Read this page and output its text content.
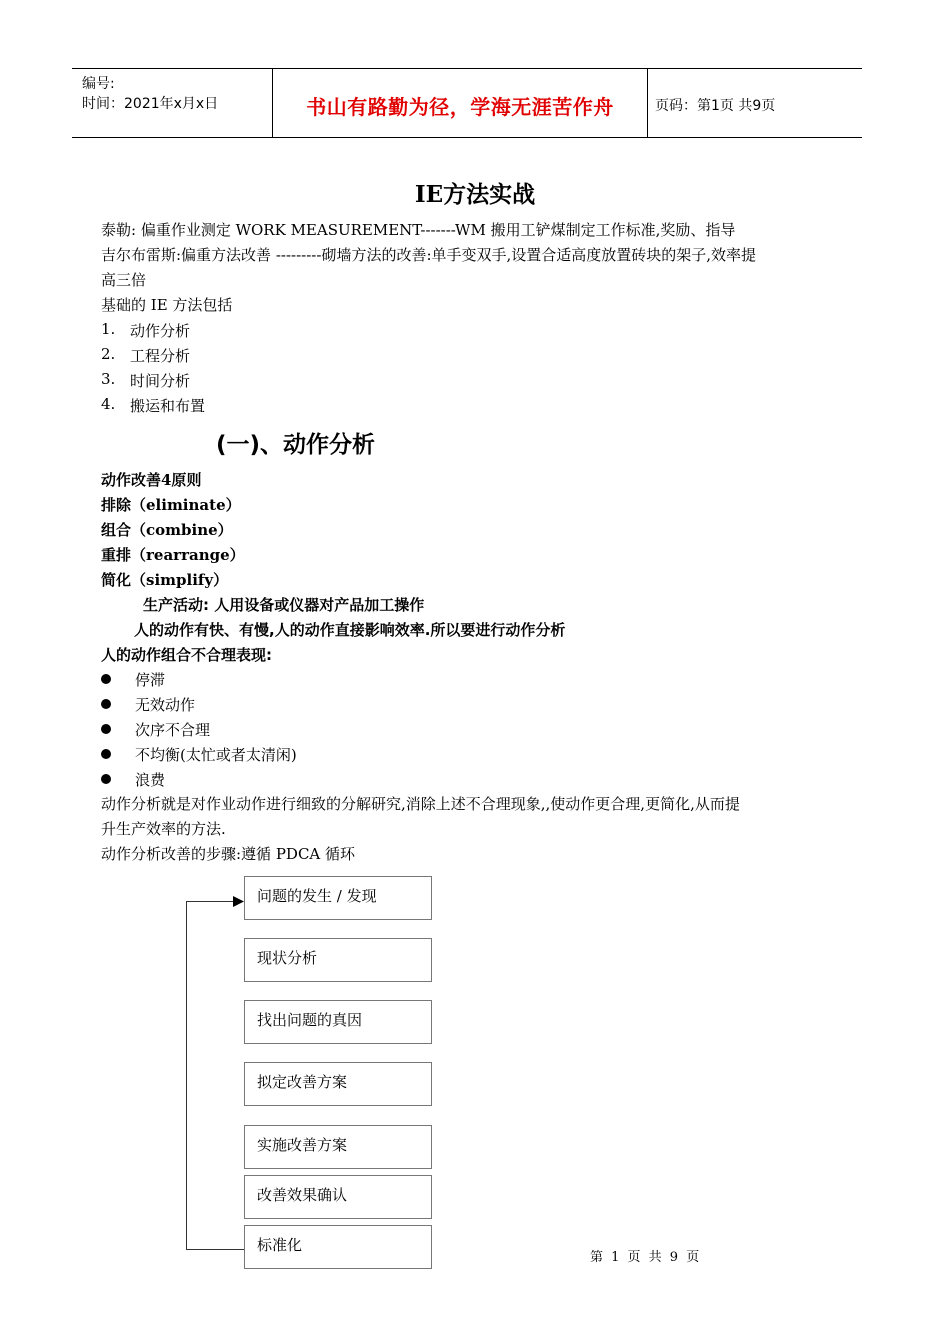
编号:
时间：2021年x月x日	书山有路勤为径，学海无涯苦作舟	页码：第1页 共9页
IE方法实战
泰勒: 偏重作业测定 WORK MEASUREMENT-------WM 搬用工铲煤制定工作标准,奖励、指导
吉尔布雷斯:偏重方法改善 ---------砌墙方法的改善:单手变双手,设置合适高度放置砖块的架子,效率提
高三倍
基础的 IE 方法包括
1. 动作分析
2. 工程分析
3. 时间分析
4. 搬运和布置
(一)、动作分析
动作改善4原则
排除（eliminate）
组合（combine）
重排（rearrange）
简化（simplify）
生产活动: 人用设备或仪器对产品加工操作
人的动作有快、有慢,人的动作直接影响效率.所以要进行动作分析
人的动作组合不合理表现:
停滞
无效动作
次序不合理
不均衡(太忙或者太清闲)
浪费
动作分析就是对作业动作进行细致的分解研究,消除上述不合理现象,,使动作更合理,更简化,从而提
升生产效率的方法.
动作分析改善的步骤:遵循 PDCA 循环
问题的发生 / 发现
现状分析
找出问题的真因
拟定改善方案
实施改善方案
改善效果确认
标准化
第 1 页 共 9 页
